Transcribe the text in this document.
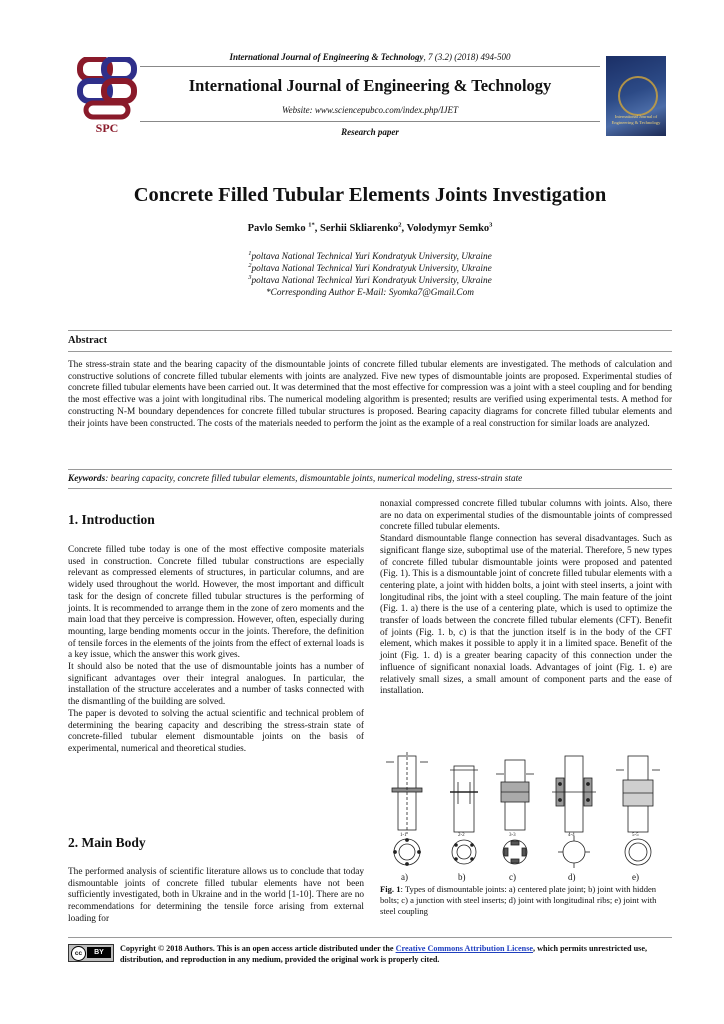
International Journal of Engineering & Technology, 7 (3.2) (2018) 494-500
SPC
International Journal of Engineering & Technology
Website: www.sciencepubco.com/index.php/IJET
Research paper
International Journal of Engineering & Technology
Concrete Filled Tubular Elements Joints Investigation
Pavlo Semko $^{1*}$, Serhii Skliarenko$^2$, Volodymyr Semko$^3$
$^1$poltava National Technical Yuri Kondratyuk University, Ukraine
$^2$poltava National Technical Yuri Kondratyuk University, Ukraine
$^3$poltava National Technical Yuri Kondratyuk University, Ukraine
*Corresponding Author E-Mail: Syomka7@Gmail.Com
Abstract

The stress-strain state and the bearing capacity of the dismountable joints of concrete filled tubular elements are investigated. The methods of calculation and constructive solutions of concrete filled tubular elements with joints are analyzed. Five new types of dismountable joints are proposed. Experimental studies of concrete filled tubular elements have been carried out. It was determined that the most effective for compression was a joint with a steel coupling and for bending the most effective was a joint with longitudinal ribs. The numerical modeling algorithm is presented; results are verified using experimental tests. A method for constructing N-M boundary dependences for concrete filled tubular structures is proposed. Bearing capacity diagrams for concrete filled tubular elements and their joints have been constructed. The costs of the materials needed to perform the joint as the example of a real construction for similar loads are analyzed.

Keywords: bearing capacity, concrete filled tubular elements, dismountable joints, numerical modeling, stress-strain state
1. Introduction

Concrete filled tube today is one of the most effective composite materials used in construction. Concrete filled tubular constructions are especially relevant as compressed elements of structures, in particular columns, and are widely used throughout the world. However, the most important and difficult task for the design of concrete filled tubular structures is the performing of joints. It is recommended to arrange them in the zone of zero moments and the main load that they perceive is compression. However, often, especially during mounting, large bending moments occur in the joints. Therefore, the definition of tensile forces in the elements of the joints from the effect of external loads is a key issue, which the answer this work gives.

It should also be noted that the use of dismountable joints has a number of significant advantages over their integral analogues. In particular, the installation of the structure accelerates and a number of tasks connected with the dismantling of the building are solved.

The paper is devoted to solving the actual scientific and technical problem of determining the bearing capacity and describing the stress-strain state of concrete-filled tubular element dismountable joints on the basis of experimental, numerical and theoretical studies.

2. Main Body

The performed analysis of scientific literature allows us to conclude that today dismountable joints of concrete filled tubular elements have not been sufficiently investigated, both in Ukraine and in the world [1-10]. There are no recommendations for determining the tensile force arising from external loading for

nonaxial compressed concrete filled tubular columns with joints. Also, there are no data on experimental studies of the dismountable joints of compressed concrete filled tubular elements.

Standard dismountable flange connection has several disadvantages. Such as significant flange size, suboptimal use of the material. Therefore, 5 new types of concrete filled tubular dismountable joints were proposed and patented (Fig. 1). This is a dismountable joint of concrete filled tubular elements with a centering plate, a joint with hidden bolts, a joint with steel inserts, a joint with longitudinal ribs, the joint with a steel coupling. The main feature of the joint (Fig. 1. a) there is the use of a centering plate, which is used to optimize the transfer of loads between the concrete filled tubular elements (CFT). Benefit of joints (Fig. 1. b, c) is that the junction itself is in the body of the CFT element, which makes it possible to apply it in a limited space. Benefit of the joint (Fig. 1. d) is a greater bearing capacity of this connection under the influence of significant nonaxial loads. Advantages of joint (Fig. 1. e) are relatively small sizes, a small amount of component parts and the ease of installation.

1-1	2-2	3-3	4-4	5-5
a)	b)	c)	d)	e)

Fig. 1: Types of dismountable joints: a) centered plate joint; b) joint with hidden bolts; c) a junction with steel inserts; d) joint with longitudinal ribs; e) joint with steel coupling

cc	BY	Copyright © 2018 Authors. This is an open access article distributed under the Creative Commons Attribution License, which permits unrestricted use, distribution, and reproduction in any medium, provided the original work is properly cited.
